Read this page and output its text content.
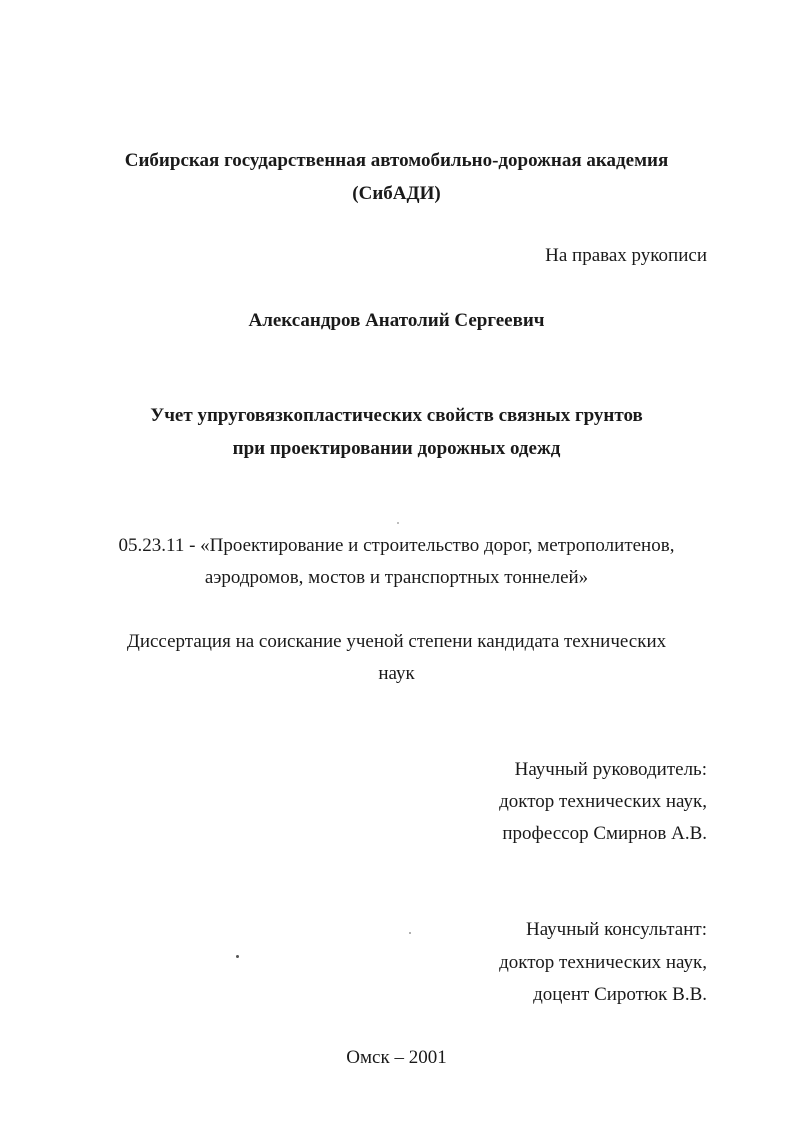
Сибирская государственная автомобильно-дорожная академия
(СибАДИ)
На правах рукописи
Александров Анатолий Сергеевич
Учет упруговязкопластических свойств связных грунтов
при проектировании дорожных одежд
05.23.11 - «Проектирование и строительство дорог, метрополитенов,
аэродромов, мостов и транспортных тоннелей»
Диссертация на соискание ученой степени кандидата технических
наук
Научный руководитель:
доктор технических наук,
профессор Смирнов А.В.
Научный консультант:
доктор технических наук,
доцент Сиротюк В.В.
Омск – 2001
